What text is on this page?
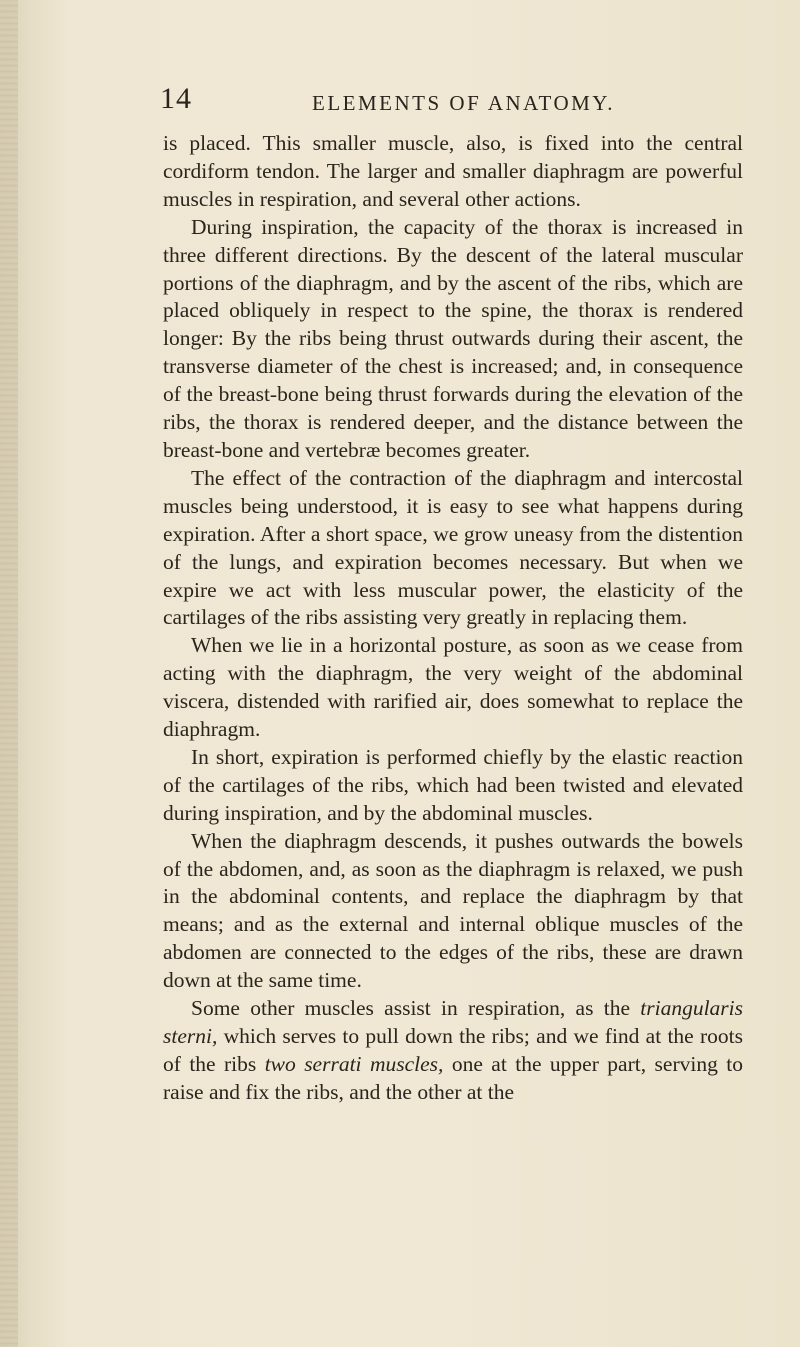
14	ELEMENTS OF ANATOMY.

is placed. This smaller muscle, also, is fixed into the central cordiform tendon. The larger and smaller diaphragm are powerful muscles in respiration, and several other actions.

During inspiration, the capacity of the thorax is increased in three different directions. By the descent of the lateral muscular portions of the diaphragm, and by the ascent of the ribs, which are placed obliquely in respect to the spine, the thorax is rendered longer: By the ribs being thrust outwards during their ascent, the transverse diameter of the chest is increased; and, in consequence of the breast-bone being thrust forwards during the elevation of the ribs, the thorax is rendered deeper, and the distance between the breast-bone and vertebræ becomes greater.

The effect of the contraction of the diaphragm and intercostal muscles being understood, it is easy to see what happens during expiration. After a short space, we grow uneasy from the distention of the lungs, and expiration becomes necessary. But when we expire we act with less muscular power, the elasticity of the cartilages of the ribs assisting very greatly in replacing them.

When we lie in a horizontal posture, as soon as we cease from acting with the diaphragm, the very weight of the abdominal viscera, distended with rarified air, does somewhat to replace the diaphragm.

In short, expiration is performed chiefly by the elastic reaction of the cartilages of the ribs, which had been twisted and elevated during inspiration, and by the abdominal muscles.

When the diaphragm descends, it pushes outwards the bowels of the abdomen, and, as soon as the diaphragm is relaxed, we push in the abdominal contents, and replace the diaphragm by that means; and as the external and internal oblique muscles of the abdomen are connected to the edges of the ribs, these are drawn down at the same time.

Some other muscles assist in respiration, as the triangularis sterni, which serves to pull down the ribs; and we find at the roots of the ribs two serrati muscles, one at the upper part, serving to raise and fix the ribs, and the other at the
